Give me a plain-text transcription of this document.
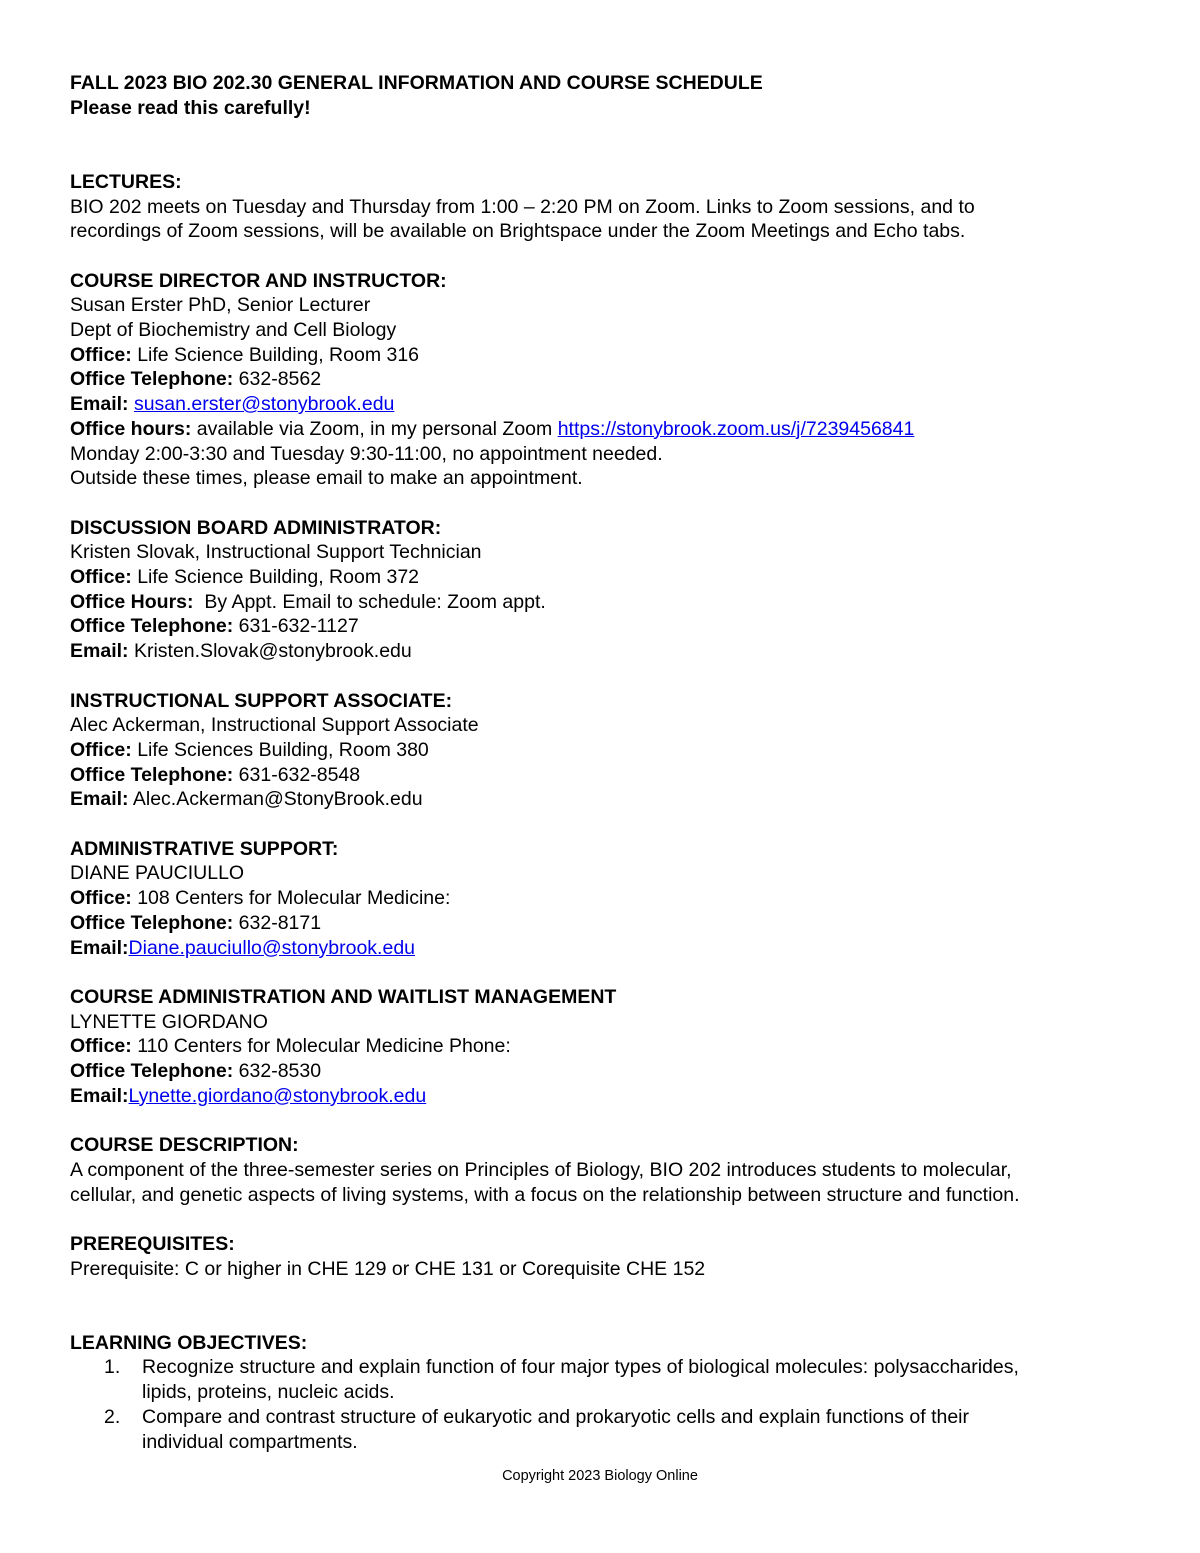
FALL 2023 BIO 202.30 GENERAL INFORMATION AND COURSE SCHEDULE

Please read this carefully!

LECTURES:

BIO 202 meets on Tuesday and Thursday from 1:00 – 2:20 PM on Zoom. Links to Zoom sessions, and to

recordings of Zoom sessions, will be available on Brightspace under the Zoom Meetings and Echo tabs.

COURSE DIRECTOR AND INSTRUCTOR:

Susan Erster PhD, Senior Lecturer

Dept of Biochemistry and Cell Biology

Office: Life Science Building, Room 316

Office Telephone: 632-8562

Email: susan.erster@stonybrook.edu

Office hours: available via Zoom, in my personal Zoom https://stonybrook.zoom.us/j/7239456841

Monday 2:00-3:30 and Tuesday 9:30-11:00, no appointment needed.

Outside these times, please email to make an appointment.

DISCUSSION BOARD ADMINISTRATOR:

Kristen Slovak, Instructional Support Technician

Office: Life Science Building, Room 372

Office Hours: By Appt. Email to schedule: Zoom appt.

Office Telephone: 631-632-1127

Email: Kristen.Slovak@stonybrook.edu

INSTRUCTIONAL SUPPORT ASSOCIATE:

Alec Ackerman, Instructional Support Associate

Office: Life Sciences Building, Room 380

Office Telephone: 631-632-8548

Email: Alec.Ackerman@StonyBrook.edu

ADMINISTRATIVE SUPPORT:

DIANE PAUCIULLO

Office: 108 Centers for Molecular Medicine:

Office Telephone: 632-8171

Email:Diane.pauciullo@stonybrook.edu

COURSE ADMINISTRATION AND WAITLIST MANAGEMENT

LYNETTE GIORDANO

Office: 110 Centers for Molecular Medicine Phone:

Office Telephone: 632-8530

Email:Lynette.giordano@stonybrook.edu

COURSE DESCRIPTION:

A component of the three-semester series on Principles of Biology, BIO 202 introduces students to molecular,

cellular, and genetic aspects of living systems, with a focus on the relationship between structure and function.

PREREQUISITES:

Prerequisite: C or higher in CHE 129 or CHE 131 or Corequisite CHE 152

LEARNING OBJECTIVES:

1. Recognize structure and explain function of four major types of biological molecules: polysaccharides,

lipids, proteins, nucleic acids.

2. Compare and contrast structure of eukaryotic and prokaryotic cells and explain functions of their

individual compartments.

Copyright 2023 Biology Online
